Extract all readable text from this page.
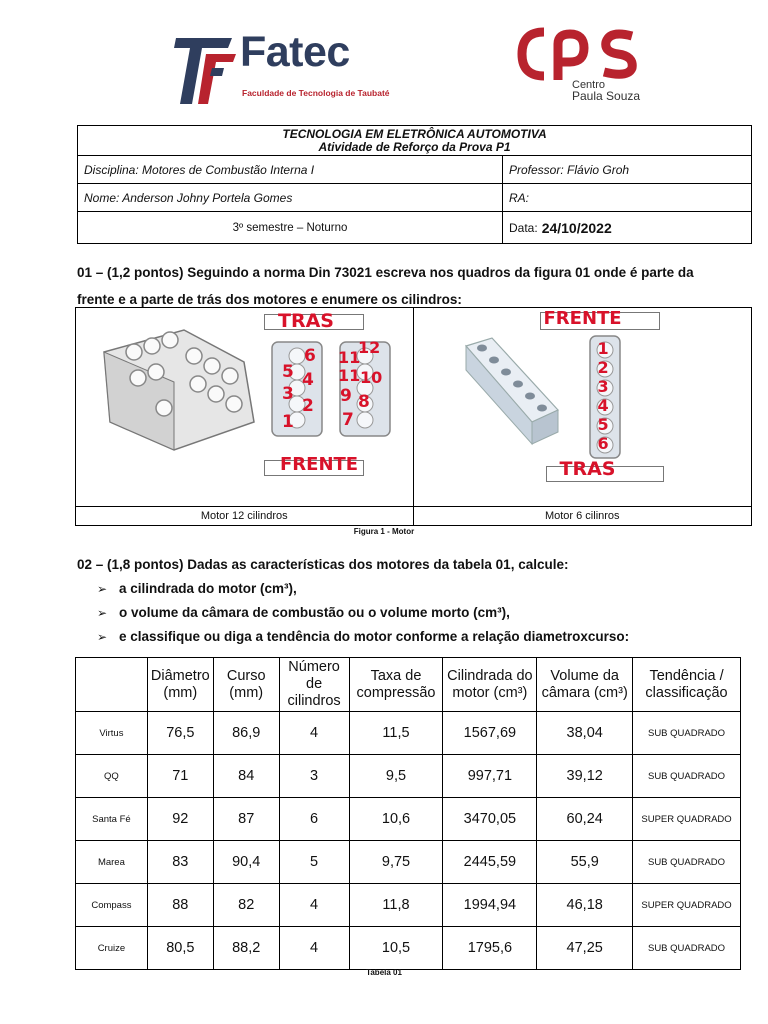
Fatec
Faculdade de Tecnologia de Taubaté
Centro
Paula Souza
TECNOLOGIA EM ELETRÔNICA AUTOMOTIVA
Atividade de Reforço da Prova P1
Disciplina: Motores de Combustão Interna I	Professor: Flávio Groh
Nome: Anderson Johny Portela Gomes	RA:
3º semestre – Noturno	Data: 24/10/2022
01 – (1,2 pontos) Seguindo a norma Din 73021 escreva nos quadros da figura 01 onde é parte da
frente e a parte de trás dos motores e enumere os cilindros:
TRAS
6
5 4
3
2
1
11
12
11 10
9 8
7
FRENTE
Motor 12 cilindros
FRENTE
1
2
3
4
5
6
TRAS
Motor 6 cilinros
Figura 1 - Motor
02 – (1,8 pontos) Dadas as características dos motores da tabela 01, calcule:
➢ a cilindrada do motor (cm³),
➢ o volume da câmara de combustão ou o volume morto (cm³),
➢ e classifique ou diga a tendência do motor conforme a relação diametroxcurso:
	Diâmetro (mm)	Curso (mm)	Número de cilindros	Taxa de compressão	Cilindrada do motor (cm³)	Volume da câmara (cm³)	Tendência / classificação
Virtus	76,5	86,9	4	11,5	1567,69	38,04	SUB QUADRADO
QQ	71	84	3	9,5	997,71	39,12	SUB QUADRADO
Santa Fé	92	87	6	10,6	3470,05	60,24	SUPER QUADRADO
Marea	83	90,4	5	9,75	2445,59	55,9	SUB QUADRADO
Compass	88	82	4	11,8	1994,94	46,18	SUPER QUADRADO
Cruize	80,5	88,2	4	10,5	1795,6	47,25	SUB QUADRADO
Tabela 01
